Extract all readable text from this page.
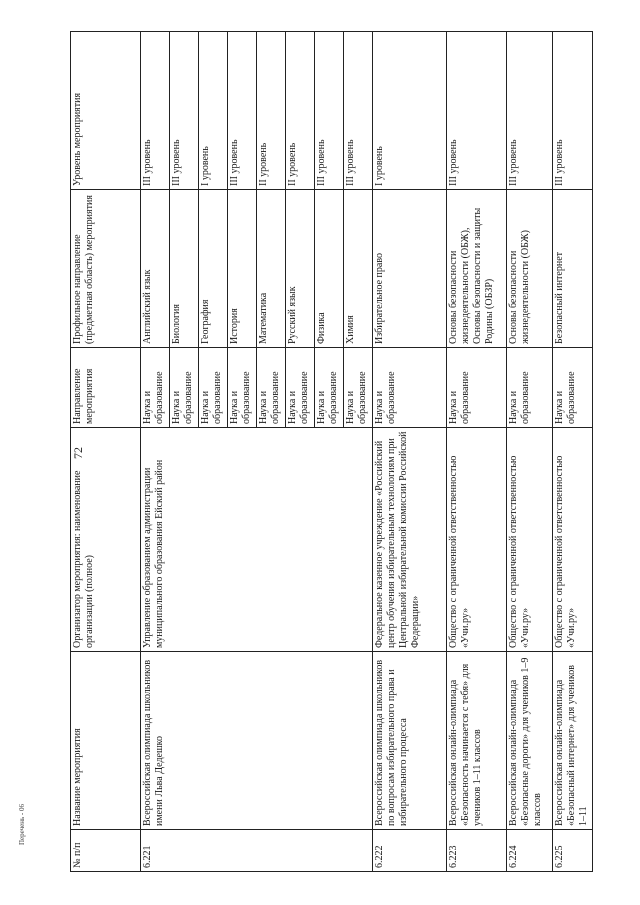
72
Перечень - 06
№ п/п	Название мероприятия	Организатор мероприятия: наименование организации (полное)	Направление мероприятия	Профильное направление (предметная область) мероприятия	Уровень мероприятия
6.221	Всероссийская олимпиада школьников имени Льва Дедешко	Управление образованием администрации муниципального образования Ейский район	Наука и образование	Английский язык	III уровень
			Наука и образование	Биология	III уровень
			Наука и образование	География	I уровень
			Наука и образование	История	III уровень
			Наука и образование	Математика	II уровень
			Наука и образование	Русский язык	II уровень
			Наука и образование	Физика	III уровень
			Наука и образование	Химия	III уровень
6.222	Всероссийская олимпиада школьников по вопросам избирательного права и избирательного процесса	Федеральное казенное учреждение «Российский центр обучения избирательным технологиям при Центральной избирательной комиссии Российской Федерации»	Наука и образование	Избирательное право	I уровень
6.223	Всероссийская онлайн-олимпиада «Безопасность начинается с тебя» для учеников 1–11 классов	Общество с ограниченной ответственностью «Учи.ру»	Наука и образование	Основы безопасности жизнедеятельности (ОБЖ), Основы безопасности и защиты Родины (ОБЗР)	III уровень
6.224	Всероссийская онлайн-олимпиада «Безопасные дороги» для учеников 1–9 классов	Общество с ограниченной ответственностью «Учи.ру»	Наука и образование	Основы безопасности жизнедеятельности (ОБЖ)	III уровень
6.225	Всероссийская онлайн-олимпиада «Безопасный интернет» для учеников 1–11	Общество с ограниченной ответственностью «Учи.ру»	Наука и образование	Безопасный интернет	III уровень
